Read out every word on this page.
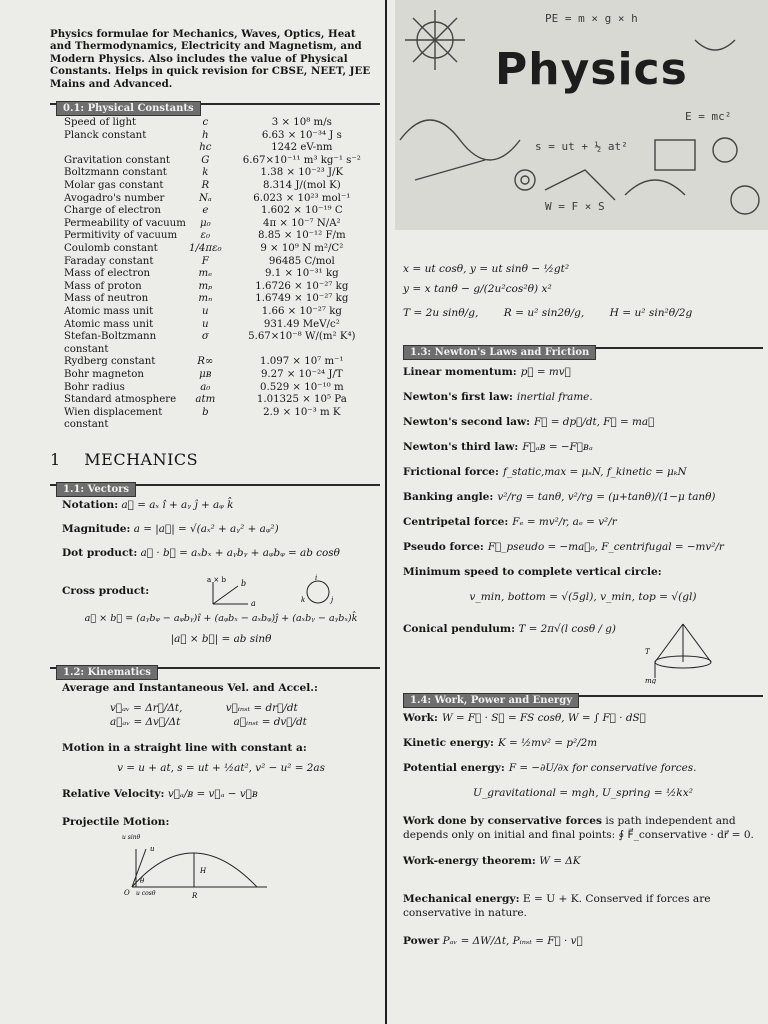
Physics
PE = m × g × h
s = ut + ½ at²
W = F × S
E = mc²

Physics formulae for Mechanics, Waves, Optics, Heat and Thermodynamics, Electricity and Magnetism, and Modern Physics. Also includes the value of Physical Constants. Helps in quick revision for CBSE, NEET, JEE Mains and Advanced.

0.1: Physical Constants
Speed of light	c	3 × 10⁸ m/s
Planck constant	h	6.63 × 10⁻³⁴ J s
	hc	1242 eV-nm
Gravitation constant	G	6.67×10⁻¹¹ m³ kg⁻¹ s⁻²
Boltzmann constant	k	1.38 × 10⁻²³ J/K
Molar gas constant	R	8.314 J/(mol K)
Avogadro's number	Nₐ	6.023 × 10²³ mol⁻¹
Charge of electron	e	1.602 × 10⁻¹⁹ C
Permeability of vacuum	μ₀	4π × 10⁻⁷ N/A²
Permitivity of vacuum	ε₀	8.85 × 10⁻¹² F/m
Coulomb constant	1/4πε₀	9 × 10⁹ N m²/C²
Faraday constant	F	96485 C/mol
Mass of electron	mₑ	9.1 × 10⁻³¹ kg
Mass of proton	mₚ	1.6726 × 10⁻²⁷ kg
Mass of neutron	mₙ	1.6749 × 10⁻²⁷ kg
Atomic mass unit	u	1.66 × 10⁻²⁷ kg
Atomic mass unit	u	931.49 MeV/c²
Stefan-Boltzmann constant	σ	5.67×10⁻⁸ W/(m² K⁴)
Rydberg constant	R∞	1.097 × 10⁷ m⁻¹
Bohr magneton	μʙ	9.27 × 10⁻²⁴ J/T
Bohr radius	a₀	0.529 × 10⁻¹⁰ m
Standard atmosphere	atm	1.01325 × 10⁵ Pa
Wien displacement constant	b	2.9 × 10⁻³ m K
1 MECHANICS
1.1: Vectors
Notation: a⃗ = aₓ î + aᵧ ĵ + aᵩ k̂
Magnitude: a = |a⃗| = √(aₓ² + aᵧ² + aᵩ²)
Dot product: a⃗ · b⃗ = aₓbₓ + aᵧbᵧ + aᵩbᵩ = ab cosθ
Cross product:
a × b
a
b
i
k	j
a⃗ × b⃗ = (aᵧbᵩ − aᵩbᵧ)î + (aᵩbₓ − aₓbᵩ)ĵ + (aₓbᵧ − aᵧbₓ)k̂
|a⃗ × b⃗| = ab sinθ
1.2: Kinematics
Average and Instantaneous Vel. and Accel.:
v⃗ₐᵥ = Δr⃗/Δt,	v⃗ᵢₙₛₜ = dr⃗/dt
a⃗ₐᵥ = Δv⃗/Δt	a⃗ᵢₙₛₜ = dv⃗/dt
Motion in a straight line with constant a:
v = u + at, s = ut + ½at², v² − u² = 2as
Relative Velocity: v⃗ₐ/ʙ = v⃗ₐ − v⃗ʙ
Projectile Motion:
u
H
R
u cosθ
u sinθ
θ
O
x = ut cosθ, y = ut sinθ − ½gt²
y = x tanθ − g/(2u²cos²θ) x²
T = 2u sinθ/g, R = u² sin2θ/g, H = u² sin²θ/2g
1.3: Newton's Laws and Friction
Linear momentum: p⃗ = mv⃗
Newton's first law: inertial frame.
Newton's second law: F⃗ = dp⃗/dt, F⃗ = ma⃗
Newton's third law: F⃗ₐʙ = −F⃗ʙₐ
Frictional force: f_static,max = μₛN, f_kinetic = μₖN
Banking angle: v²/rg = tanθ, v²/rg = (μ+tanθ)/(1−μ tanθ)
Centripetal force: Fₑ = mv²/r, aₑ = v²/r
Pseudo force: F⃗_pseudo = −ma⃗₀, F_centrifugal = −mv²/r
Minimum speed to complete vertical circle:
v_min, bottom = √(5gl), v_min, top = √(gl)
Conical pendulum: T = 2π√(l cosθ / g)
mg
T
1.4: Work, Power and Energy
Work: W = F⃗ · S⃗ = FS cosθ, W = ∫ F⃗ · dS⃗
Kinetic energy: K = ½mv² = p²/2m
Potential energy: F = −∂U/∂x for conservative forces.
U_gravitational = mgh, U_spring = ½kx²
Work done by conservative forces is path independent and depends only on initial and final points: ∮ F⃗_conservative · dr⃗ = 0.
Work-energy theorem: W = ΔK
Mechanical energy: E = U + K. Conserved if forces are conservative in nature.
Power Pₐᵥ = ΔW/Δt, Pᵢₙₛₜ = F⃗ · v⃗
